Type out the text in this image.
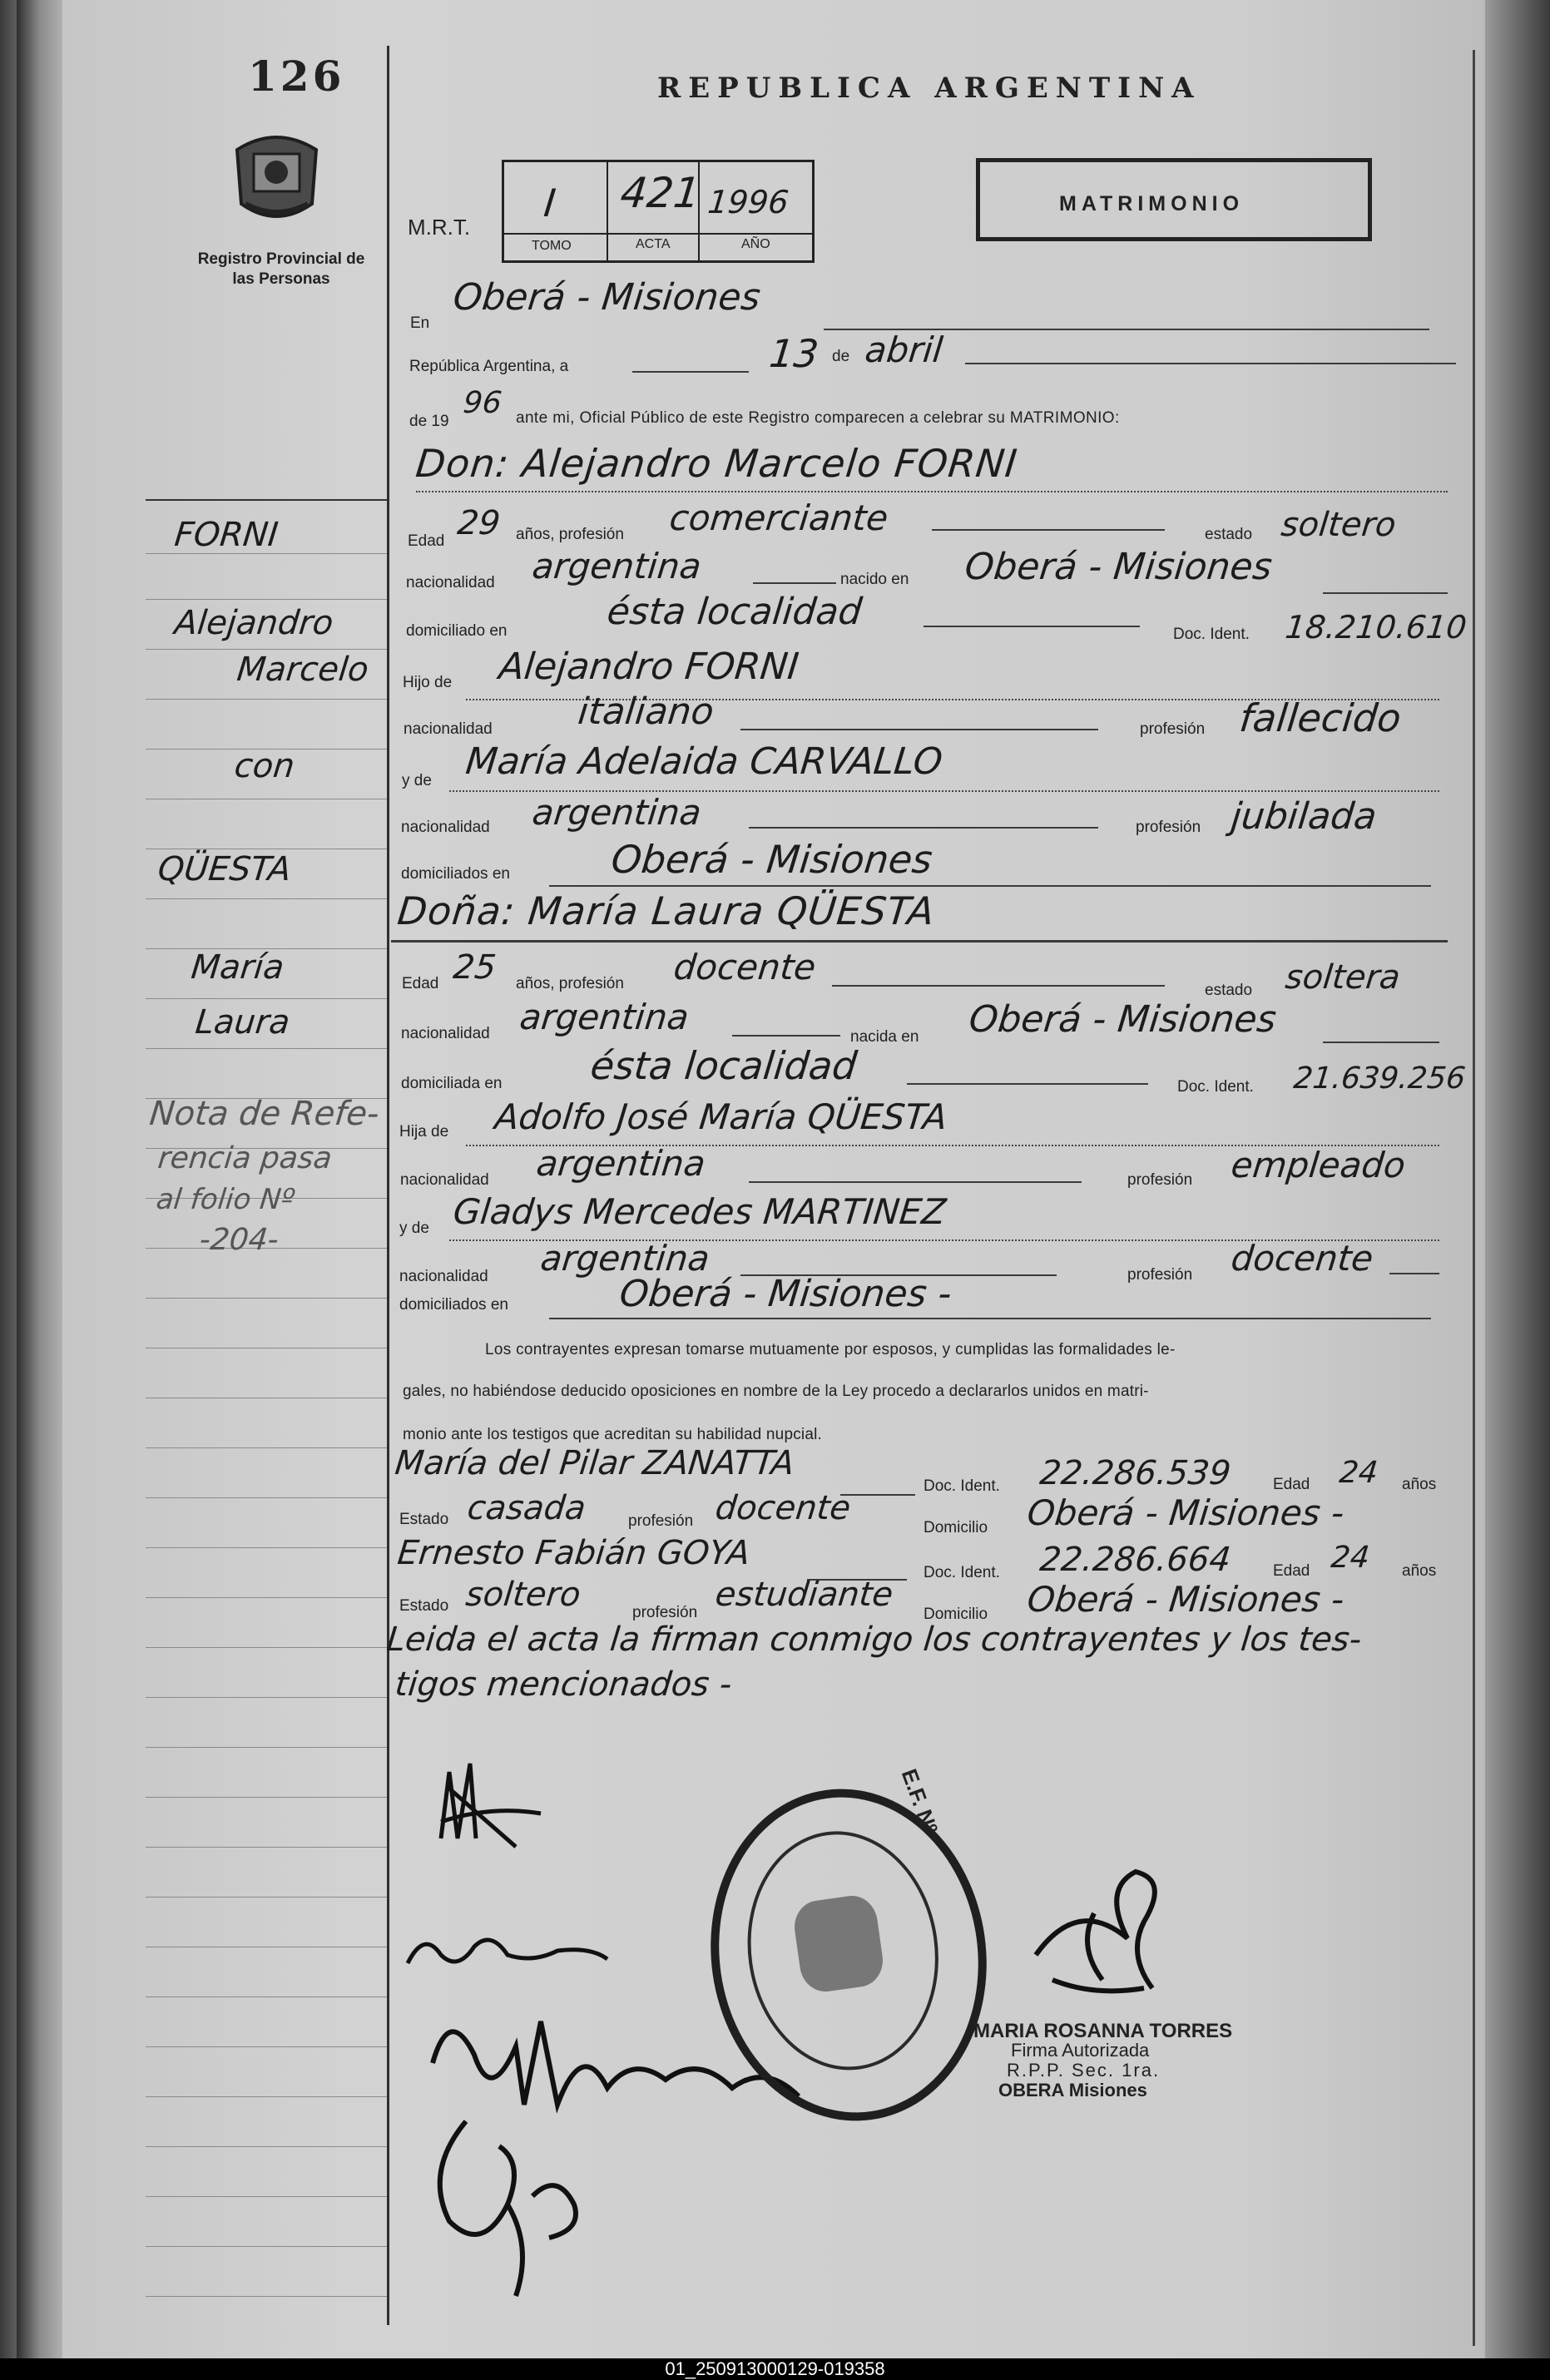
126
Registro Provincial de las Personas
REPUBLICA ARGENTINA
M.R.T.
I 421 1996
TOMO	ACTA	AÑO
MATRIMONIO
En
Oberá - Misiones
República Argentina, a	13 de abril
de 19
96 ante mi, Oficial Público de este Registro comparecen a celebrar su MATRIMONIO:
Don: Alejandro Marcelo FORNI
Edad 29 años, profesión comerciante	estado soltero
nacionalidad argentina	nacido en Oberá - Misiones
domiciliado en	ésta localidad
Doc. Ident. 18.210.610
Hijo de Alejandro FORNI
nacionalidad italiano	profesión fallecido
y de María Adelaida CARVALLO
nacionalidad argentina	profesión jubilada
domiciliados en	Oberá - Misiones
Doña: María Laura QÜESTA
Edad 25 años, profesión docente
estado soltera
nacionalidad argentina	nacida en Oberá - Misiones
domiciliada en ésta localidad	Doc. Ident. 21.639.256
Hija de Adolfo José María QÜESTA
nacionalidad argentina	profesión empleado
y de Gladys Mercedes MARTINEZ
nacionalidad argentina	profesión docente
domiciliados en	Oberá - Misiones -
Los contrayentes expresan tomarse mutuamente por esposos, y cumplidas las formalidades le-
gales, no habiéndose deducido oposiciones en nombre de la Ley procedo a declararlos unidos en matri-
monio ante los testigos que acreditan su habilidad nupcial.
María del Pilar ZANATTA
Doc. Ident. 22.286.539	Edad 24 años
Estado casada	profesión docente
Domicilio Oberá - Misiones -
Ernesto Fabián GOYA
Doc. Ident. 22.286.664	Edad 24 años
Estado soltero	profesión estudiante
Domicilio Oberá - Misiones -
Leida el acta la firman conmigo los contrayentes y los tes-
tigos mencionados -
FORNI
Alejandro
Marcelo
con
QÜESTA
María
Laura
Nota de Refe-
rencia pasa
al folio Nº
-204-
E.F. Nº
MARIA ROSANNA TORRES
Firma Autorizada
R.P.P. Sec. 1ra.
OBERA Misiones
01_250913000129-019358
